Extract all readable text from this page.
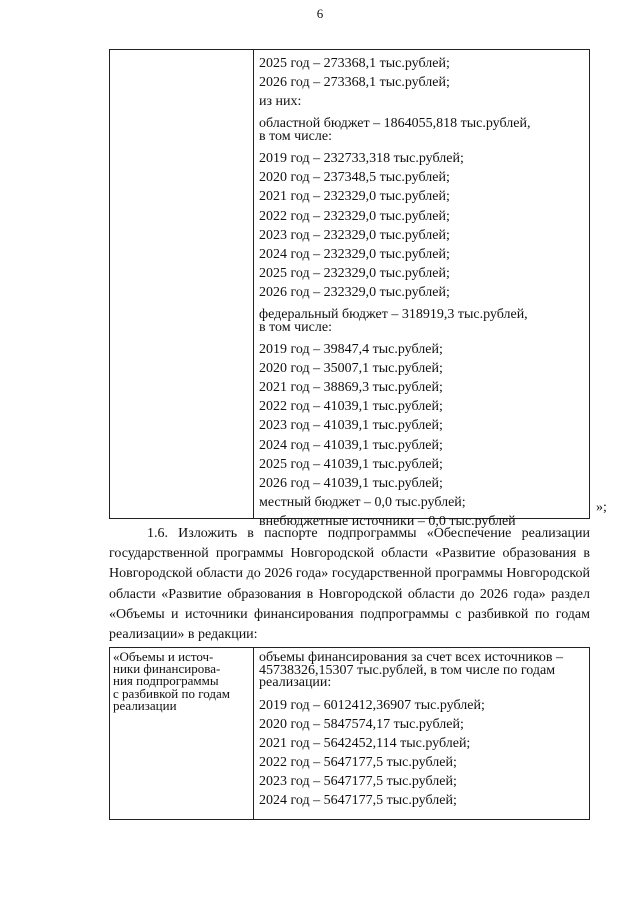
6
2025 год – 273368,1 тыс.рублей;
2026 год – 273368,1 тыс.рублей;
из них:
областной бюджет – 1864055,818 тыс.рублей,
в том числе:
2019 год – 232733,318 тыс.рублей;
2020 год – 237348,5 тыс.рублей;
2021 год – 232329,0 тыс.рублей;
2022 год – 232329,0 тыс.рублей;
2023 год – 232329,0 тыс.рублей;
2024 год – 232329,0 тыс.рублей;
2025 год – 232329,0 тыс.рублей;
2026 год – 232329,0 тыс.рублей;
федеральный бюджет – 318919,3 тыс.рублей,
в том числе:
2019 год – 39847,4 тыс.рублей;
2020 год – 35007,1 тыс.рублей;
2021 год – 38869,3 тыс.рублей;
2022 год – 41039,1 тыс.рублей;
2023 год – 41039,1 тыс.рублей;
2024 год – 41039,1 тыс.рублей;
2025 год – 41039,1 тыс.рублей;
2026 год – 41039,1 тыс.рублей;
местный бюджет – 0,0 тыс.рублей;
внебюджетные источники – 0,0 тыс.рублей
»;
1.6. Изложить в паспорте подпрограммы «Обеспечение реализации государственной программы Новгородской области «Развитие образования в Новгородской области до 2026 года» государственной программы Новгородской области «Развитие образования в Новгородской области до 2026 года» раздел «Объемы и источники финансирования подпрограммы с разбивкой по годам реализации» в редакции:
«Объемы и источ-
ники финансирова-
ния подпрограммы
с разбивкой по годам
реализации
объемы финансирования за счет всех источников –
45738326,15307 тыс.рублей, в том числе по годам
реализации:
2019 год – 6012412,36907 тыс.рублей;
2020 год – 5847574,17 тыс.рублей;
2021 год – 5642452,114 тыс.рублей;
2022 год – 5647177,5 тыс.рублей;
2023 год – 5647177,5 тыс.рублей;
2024 год – 5647177,5 тыс.рублей;
